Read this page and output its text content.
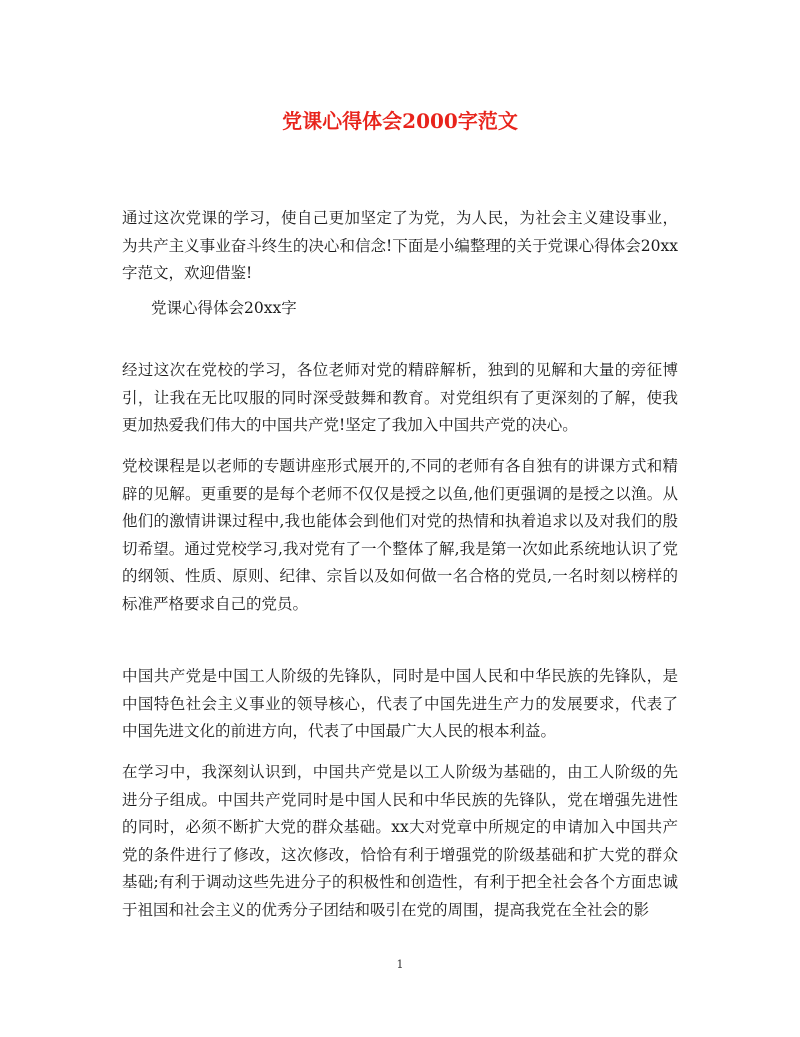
党课心得体会2000字范文

通过这次党课的学习，使自己更加坚定了为党，为人民，为社会主义建设事业，为共产主义事业奋斗终生的决心和信念!下面是小编整理的关于党课心得体会20xx字范文，欢迎借鉴!

党课心得体会20xx字

经过这次在党校的学习，各位老师对党的精辟解析，独到的见解和大量的旁征博引，让我在无比叹服的同时深受鼓舞和教育。对党组织有了更深刻的了解，使我更加热爱我们伟大的中国共产党!坚定了我加入中国共产党的决心。

党校课程是以老师的专题讲座形式展开的,不同的老师有各自独有的讲课方式和精辟的见解。更重要的是每个老师不仅仅是授之以鱼,他们更强调的是授之以渔。从他们的激情讲课过程中,我也能体会到他们对党的热情和执着追求以及对我们的殷切希望。通过党校学习,我对党有了一个整体了解,我是第一次如此系统地认识了党的纲领、性质、原则、纪律、宗旨以及如何做一名合格的党员,一名时刻以榜样的标准严格要求自己的党员。

中国共产党是中国工人阶级的先锋队，同时是中国人民和中华民族的先锋队，是中国特色社会主义事业的领导核心，代表了中国先进生产力的发展要求，代表了中国先进文化的前进方向，代表了中国最广大人民的根本利益。

在学习中，我深刻认识到，中国共产党是以工人阶级为基础的，由工人阶级的先进分子组成。中国共产党同时是中国人民和中华民族的先锋队，党在增强先进性的同时，必须不断扩大党的群众基础。xx大对党章中所规定的申请加入中国共产党的条件进行了修改，这次修改，恰恰有利于增强党的阶级基础和扩大党的群众基础;有利于调动这些先进分子的积极性和创造性，有利于把全社会各个方面忠诚于祖国和社会主义的优秀分子团结和吸引在党的周围，提高我党在全社会的影

1
